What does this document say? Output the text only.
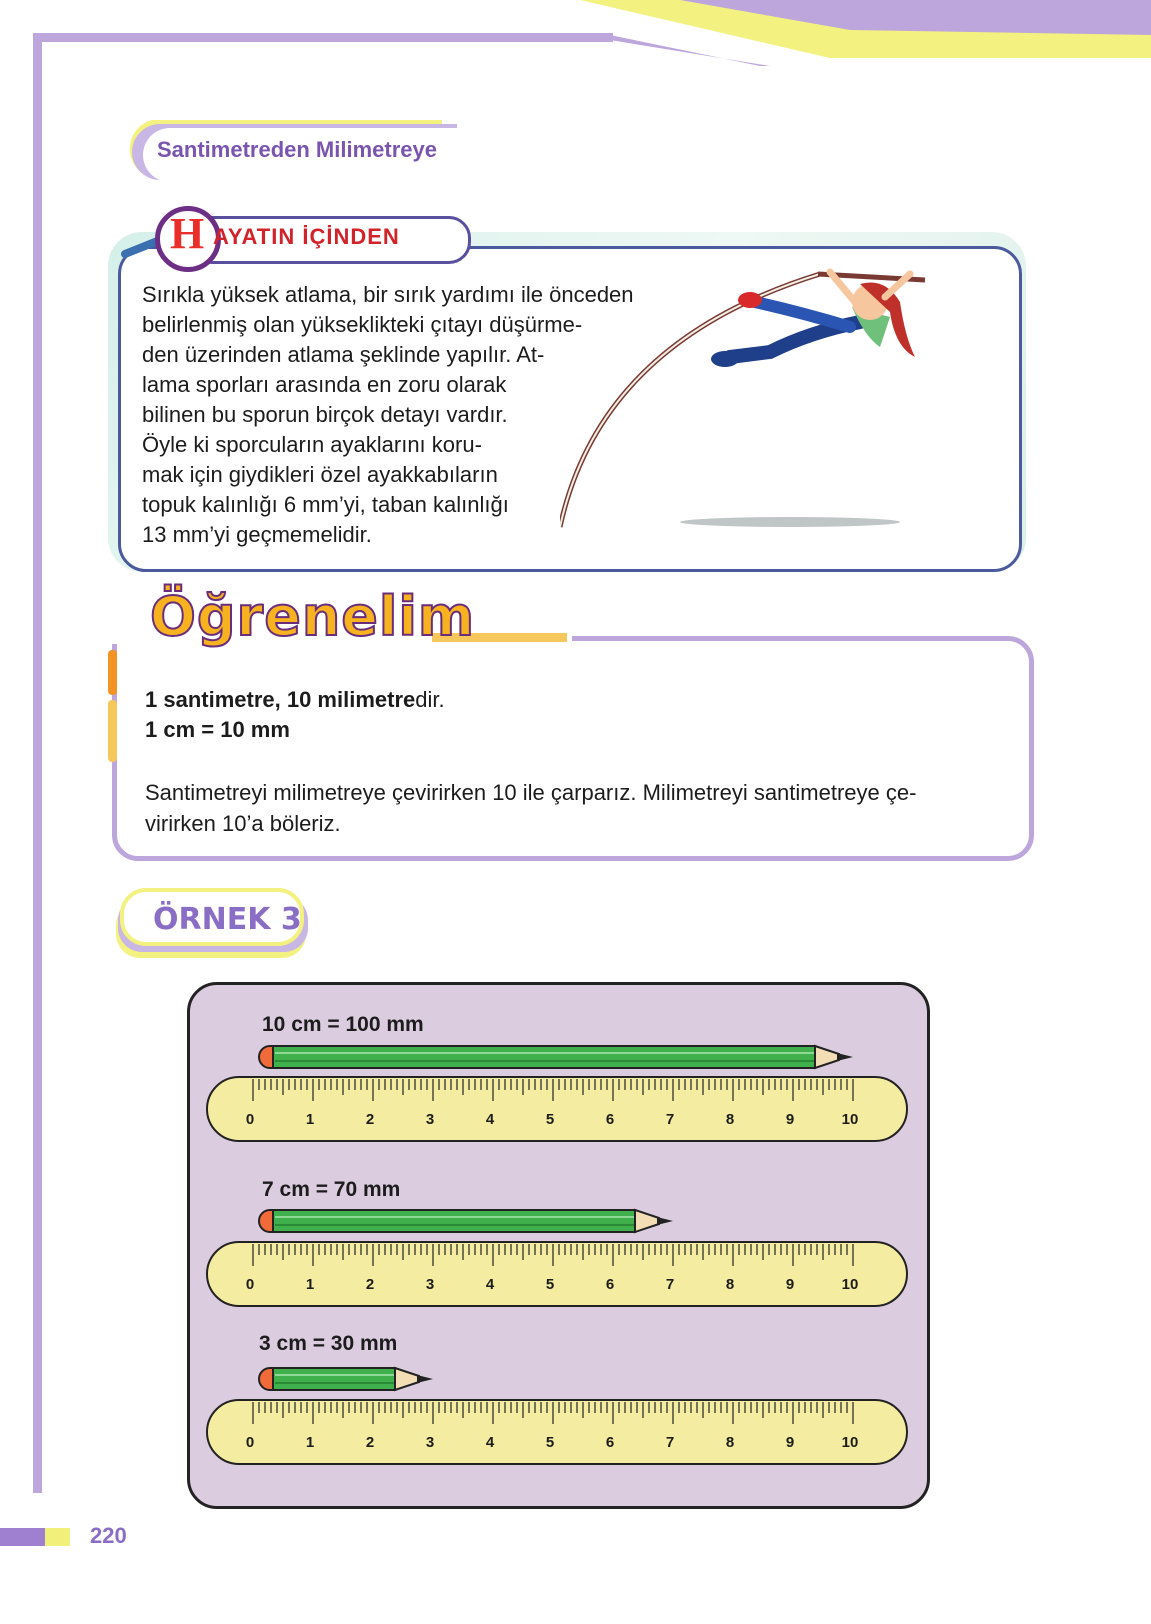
Santimetreden Milimetreye
Sırıkla yüksek atlama, bir sırık yardımı ile önceden
belirlenmiş olan yükseklikteki çıtayı düşürme-
den üzerinden atlama şeklinde yapılır. At-
lama sporları arasında en zoru olarak
bilinen bu sporun birçok detayı vardır.
Öyle ki sporcuların ayaklarını koru-
mak için giydikleri özel ayakkabıların
topuk kalınlığı 6 mm’yi, taban kalınlığı
13 mm’yi geçmemelidir.
H AYATIN İÇİNDEN
Öğrenelim
1 santimetre, 10 milimetredir.
1 cm = 10 mm
Santimetreyi milimetreye çevirirken 10 ile çarparız. Milimetreyi santimetreye çe-
virirken 10’a böleriz.
ÖRNEK 3
10 cm = 100 mm
7 cm = 70 mm
3 cm = 30 mm
0	1	2	3	4	5	6	7	8	9	10
0	1	2	3	4	5	6	7	8	9	10
0	1	2	3	4	5	6	7	8	9	10
220
